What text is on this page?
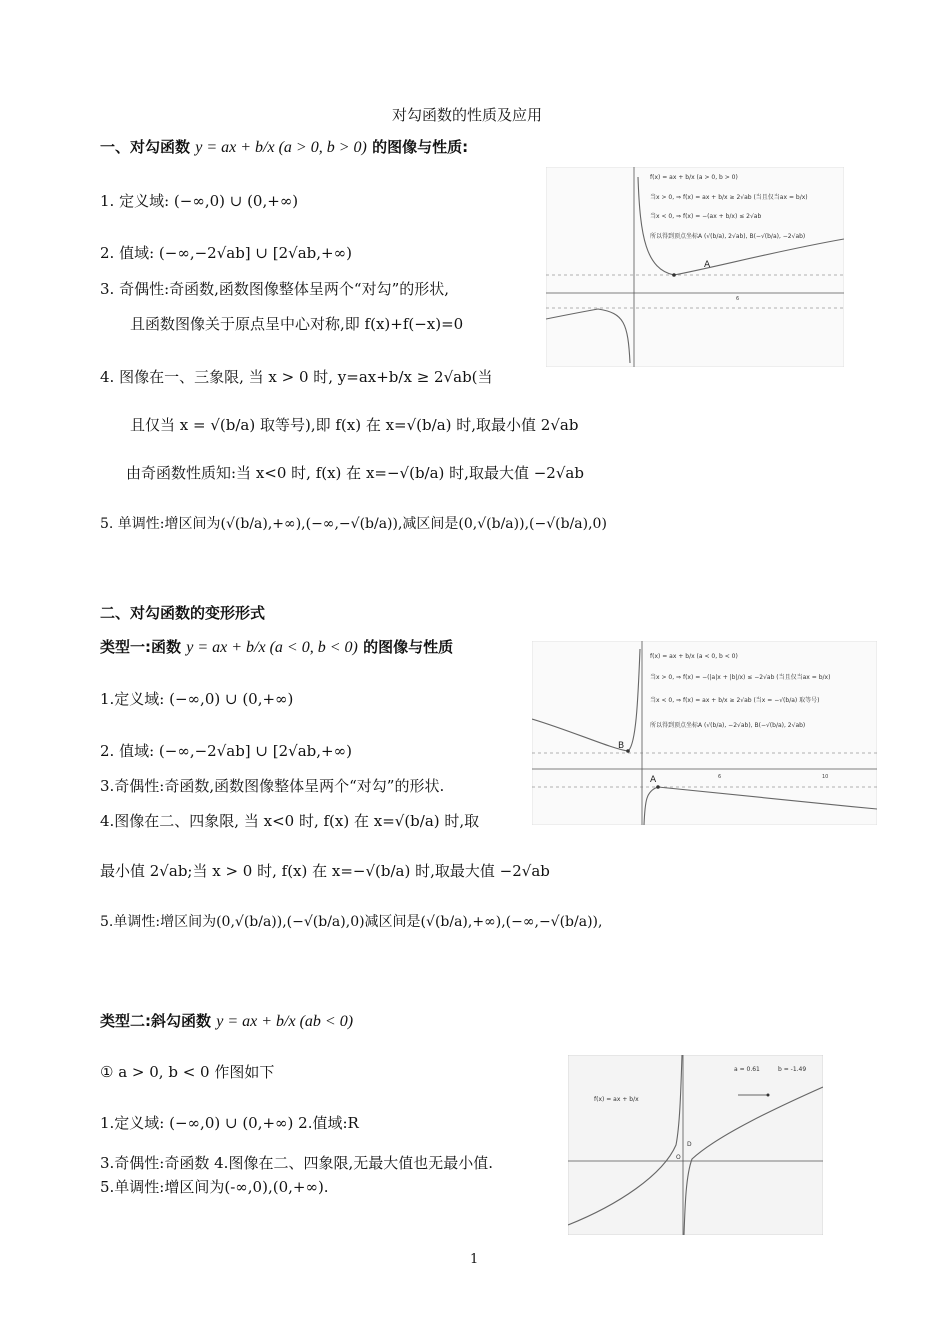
对勾函数的性质及应用
一、对勾函数 y = ax + b/x (a > 0, b > 0) 的图像与性质:
1. 定义域: (−∞,0) ∪ (0,+∞)
2. 值域: (−∞,−2√ab] ∪ [2√ab,+∞)
3. 奇偶性:奇函数,函数图像整体呈两个“对勾”的形状,
且函数图像关于原点呈中心对称,即 f(x)+f(−x)=0
4. 图像在一、三象限, 当 x > 0 时, y=ax+b/x ≥ 2√ab(当
且仅当 x = √(b/a) 取等号),即 f(x) 在 x=√(b/a) 时,取最小值 2√ab
由奇函数性质知:当 x<0 时, f(x) 在 x=−√(b/a) 时,取最大值 −2√ab
5. 单调性:增区间为(√(b/a),+∞),(−∞,−√(b/a)),减区间是(0,√(b/a)),(−√(b/a),0)
A
6
f(x) = ax + b/x (a > 0, b > 0)
当x > 0, ⇒ f(x) = ax + b/x ≥ 2√ab (当且仅当ax = b/x)
当x < 0, ⇒ f(x) = −(ax + b/x) ≤ 2√ab
所以得到顶点坐标A (√(b/a), 2√ab), B(−√(b/a), −2√ab)
二、对勾函数的变形形式
类型一:函数 y = ax + b/x (a < 0, b < 0) 的图像与性质
1.定义域: (−∞,0) ∪ (0,+∞)
2. 值域: (−∞,−2√ab] ∪ [2√ab,+∞)
3.奇偶性:奇函数,函数图像整体呈两个“对勾”的形状.
4.图像在二、四象限, 当 x<0 时, f(x) 在 x=√(b/a) 时,取
最小值 2√ab;当 x > 0 时, f(x) 在 x=−√(b/a) 时,取最大值 −2√ab
5.单调性:增区间为(0,√(b/a)),(−√(b/a),0)减区间是(√(b/a),+∞),(−∞,−√(b/a)),
B
A	6	10
f(x) = ax + b/x (a < 0, b < 0)
当x > 0, ⇒ f(x) = −(|a|x + |b|/x) ≤ −2√ab (当且仅当ax = b/x)
当x < 0, ⇒ f(x) = ax + b/x ≥ 2√ab (当x = −√(b/a) 取等号)
所以得到顶点坐标A (√(b/a), −2√ab), B(−√(b/a), 2√ab)
类型二:斜勾函数 y = ax + b/x (ab < 0)
① a > 0, b < 0 作图如下
1.定义域: (−∞,0) ∪ (0,+∞) 2.值域:R
3.奇偶性:奇函数 4.图像在二、四象限,无最大值也无最小值.
5.单调性:增区间为(-∞,0),(0,+∞).
f(x) = ax + b/x
a = 0.61	b = -1.49
D
O
1
